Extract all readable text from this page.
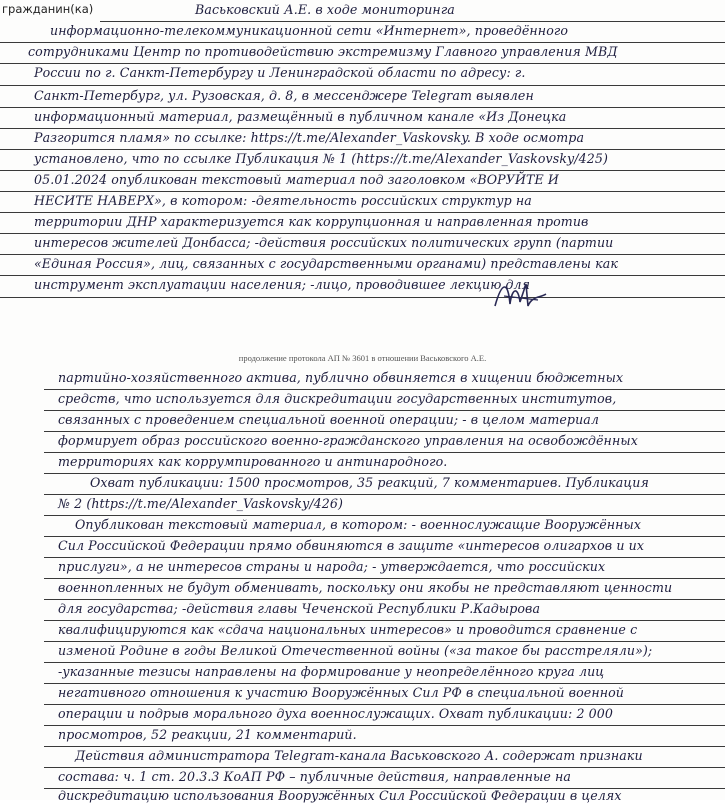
гражданин(ка)	Васьковский А.Е. в ходе мониторинга
информационно-телекоммуникационной сети «Интернет», проведённого
сотрудниками Центр по противодействию экстремизму Главного управления МВД
России по г. Санкт-Петербургу и Ленинградской области по адресу: г.
Санкт-Петербург, ул. Рузовская, д. 8, в мессенджере Telegram выявлен
информационный материал, размещённый в публичном канале «Из Донецка
Разгорится пламя» по ссылке: https://t.me/Alexander_Vaskovsky. В ходе осмотра
установлено, что по ссылке Публикация № 1 (https://t.me/Alexander_Vaskovsky/425)
05.01.2024 опубликован текстовый материал под заголовком «ВОРУЙТЕ И
НЕСИТЕ НАВЕРХ», в котором: -деятельность российских структур на
территории ДНР характеризуется как коррупционная и направленная против
интересов жителей Донбасса; -действия российских политических групп (партии
«Единая Россия», лиц, связанных с государственными органами) представлены как
инструмент эксплуатации населения; -лицо, проводившее лекцию для
продолжение протокола АП № 3601 в отношении Васьковского А.Е.
партийно-хозяйственного актива, публично обвиняется в хищении бюджетных
средств, что используется для дискредитации государственных институтов,
связанных с проведением специальной военной операции; - в целом материал
формирует образ российского военно-гражданского управления на освобождённых
территориях как коррумпированного и антинародного.
Охват публикации: 1500 просмотров, 35 реакций, 7 комментариев. Публикация
№ 2 (https://t.me/Alexander_Vaskovsky/426)
Опубликован текстовый материал, в котором: - военнослужащие Вооружённых
Сил Российской Федерации прямо обвиняются в защите «интересов олигархов и их
прислуги», а не интересов страны и народа; - утверждается, что российских
военнопленных не будут обменивать, поскольку они якобы не представляют ценности
для государства; -действия главы Чеченской Республики Р.Кадырова
квалифицируются как «сдача национальных интересов» и проводится сравнение с
изменой Родине в годы Великой Отечественной войны («за такое бы расстреляли»);
-указанные тезисы направлены на формирование у неопределённого круга лиц
негативного отношения к участию Вооружённых Сил РФ в специальной военной
операции и подрыв морального духа военнослужащих. Охват публикации: 2 000
просмотров, 52 реакции, 21 комментарий.
Действия администратора Telegram-канала Васьковского А. содержат признаки
состава: ч. 1 ст. 20.3.3 КоАП РФ – публичные действия, направленные на
дискредитацию использования Вооружённых Сил Российской Федерации в целях
